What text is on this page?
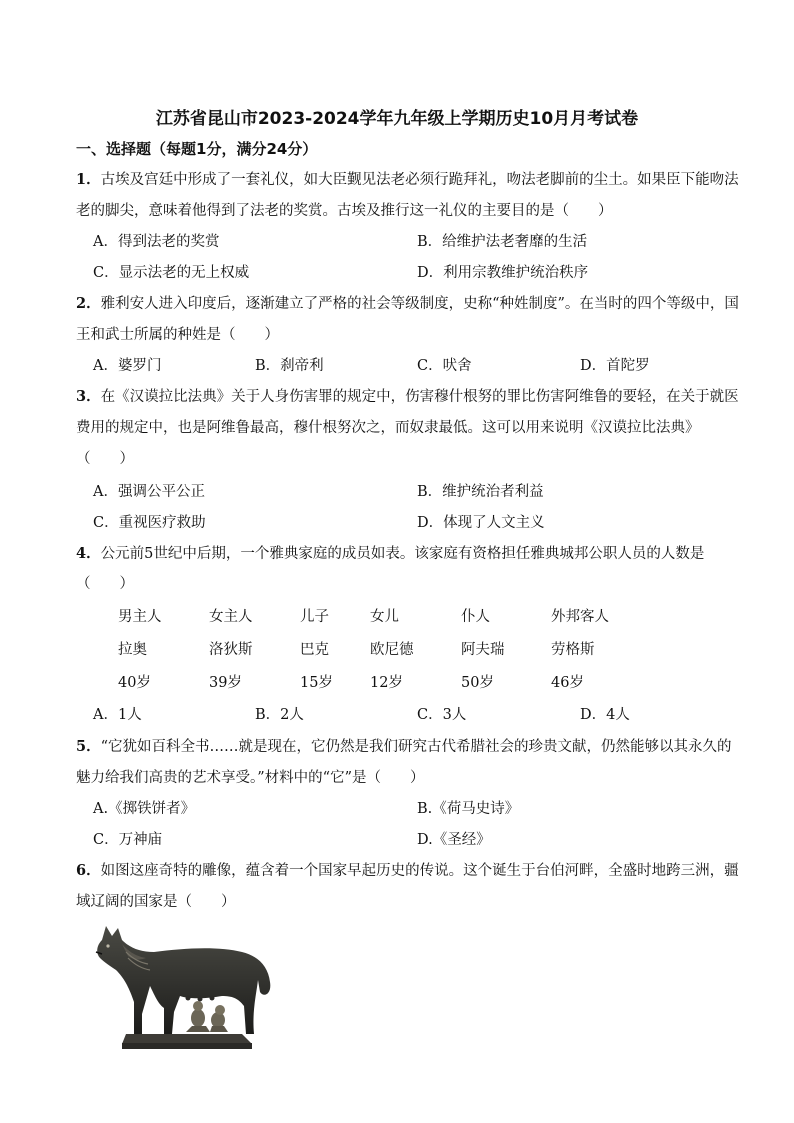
江苏省昆山市2023-2024学年九年级上学期历史10月月考试卷
一、选择题（每题1分，满分24分）
1．古埃及宫廷中形成了一套礼仪，如大臣觐见法老必须行跪拜礼，吻法老脚前的尘土。如果臣下能吻法
老的脚尖，意味着他得到了法老的奖赏。古埃及推行这一礼仪的主要目的是（　　）
A．得到法老的奖赏	B．给维护法老奢靡的生活
C．显示法老的无上权威	D．利用宗教维护统治秩序
2．雅利安人进入印度后，逐渐建立了严格的社会等级制度，史称“种姓制度”。在当时的四个等级中，国
王和武士所属的种姓是（　　）
A．婆罗门	B．刹帝利	C．吠舍	D．首陀罗
3．在《汉谟拉比法典》关于人身伤害罪的规定中，伤害穆什根努的罪比伤害阿维鲁的要轻，在关于就医
费用的规定中，也是阿维鲁最高，穆什根努次之，而奴隶最低。这可以用来说明《汉谟拉比法典》
（　　）
A．强调公平公正	B．维护统治者利益
C．重视医疗救助	D．体现了人文主义
4．公元前5世纪中后期，一个雅典家庭的成员如表。该家庭有资格担任雅典城邦公职人员的人数是
（　　）
男主人	女主人	儿子	女儿	仆人	外邦客人
拉奥	洛狄斯	巴克	欧尼德	阿夫瑞	劳格斯
40岁	39岁	15岁	12岁	50岁	46岁
A．1人	B．2人	C．3人	D．4人
5．“它犹如百科全书……就是现在，它仍然是我们研究古代希腊社会的珍贵文献，仍然能够以其永久的
魅力给我们高贵的艺术享受。”材料中的“它”是（　　）
A.《掷铁饼者》	B.《荷马史诗》
C．万神庙	D.《圣经》
6．如图这座奇特的雕像，蕴含着一个国家早起历史的传说。这个诞生于台伯河畔，全盛时地跨三洲，疆
域辽阔的国家是（　　）
